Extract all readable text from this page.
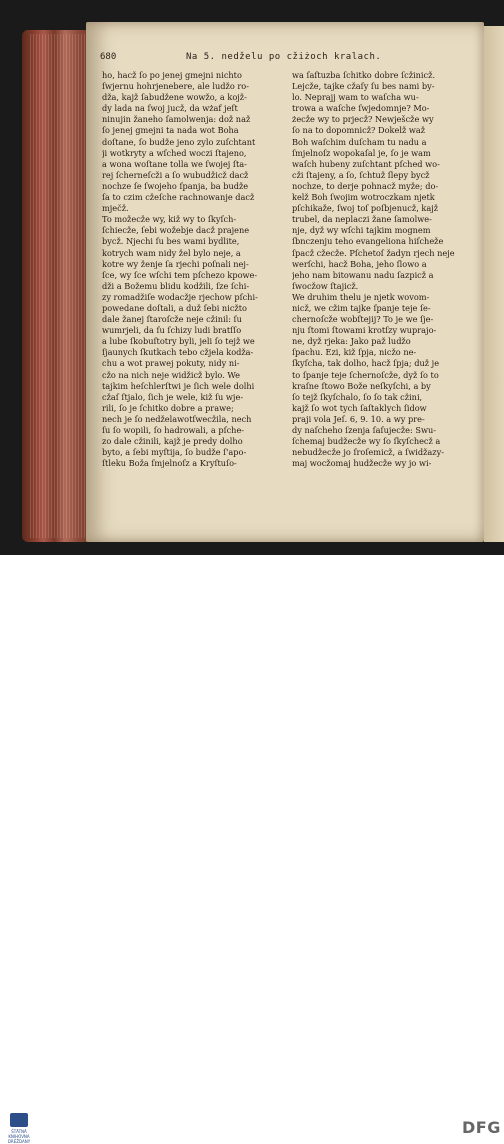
680	Na 5. nedželu po cžiżoch kralach.
ho, hacž ſo po jenej gmejni nichto
ſwjernu hohrjenebere, ale ludžo ro-
dža, kajž ſabudžene wowžo, a kojž-
dy lada na ſwoj jucž, da wżaf jeſt
ninujin žaneho ſamolwenja: dož naž
ſo jenej gmejni ta nada wot Boha
doſtane, ſo budže jeno zylo zuſchtant
ji wotkryty a wſched woczi ſtajeno,
a wona woſtane tolla we ſwojej ſta-
rej ſcherneſcži a ſo wubudžicž dacž
nochze ſe ſwojeho ſpanja, ba budže
ſa to czim cžeſche rachnowanje dacž
mječž.
To možecže wy, kiž wy to ſkyſch-
ſchiecže, ſebi wožebje dacž prajene
bycž. Njechi ſu bes wami bydlite,
kotrych wam nidy žel bylo neje, a
kotre wy ženje ſa rjechi poſnali nej-
ſce, wy ſce wſchi tem pſchezo kpowe-
dži a Božemu blidu kodžili, ſze ſchi-
zy romadžiſe wodacžje rjechow pſchi-
powedane doſtali, a duž ſebi nicžto
dale žanej ſtaroſcže neje cžinil: ſu
wumrjeli, da ſu ſchizy ludi bratſſo
a lube ſkobuſtotry byli, jeli ſo tejž we
ſjaunych ſkutkach tebo cžjela kodža-
chu a wot prawej pokuty, nidy ni-
cžo na nich neje widžicž bylo. We
tajkim heſchlerſtwi je ſich wele dolhi
cžaſ ſtjalo, ſich je wele, kiž ſu wje-
rili, ſo je ſchitko dobre a prawe;
nech je ſo nedželawotſwecžila, nech
ſu ſo wopili, ſo hadrowali, a pſche-
zo dale cžinili, kajž je predy dolho
byto, a ſebi myſtija, ſo budže ſ'apo-
ſtleku Boža ſmjelnoſz a Kryſtuſo-
wa ſaſtuzba ſchitko dobre ſcžinicž.
Lejcže, tajke cžaſy ſu bes nami by-
lo. Neprajj wam to waſcha wu-
trowa a waſche ſwjedomnje? Mo-
żecže wy to prjecž? Newješcže wy
ſo na to dopomnicž? Dokelž waž
Boh waſchim duſcham tu nadu a
ſmjelnoſz wopokaſal je, ſo je wam
waſch hubeny zuſchtant pſched wo-
cži ſtajeny, a ſo, ſchtuž ſlepy bycž
nochze, to derje pohnacž myže; do-
kelž Boh ſwojim wotroczkam njetk
pſchikaže, ſwoj toſ poſbjenucž, kajž
trubel, da neplaczi žane ſamolwe-
nje, dyž wy wſchi tajkim mognem
ſbnczenju teho evangeliona hiſcheže
ſpacž cžecže. Pſchetoſ žadyn rjech neje
werſchi, hacž Boha, jeho ſlowo a
jeho nam bitowanu nadu ſazpicž a
ſwocžow ſtajicž.
We druhim thelu je njetk wovom-
nicž, we cžim tajke ſpanje teje ſe-
chernoſcže wobſtejij? To je we ſje-
nju ſtomi ſtowami krotſzy wuprajo-
ne, dyž rjeka: Jako paž ludžo
ſpachu. Ezi, kiž ſpja, nicžo ne-
ſkyſcha, tak dolho, hacž ſpja; duž je
to ſpanje teje ſchernoſcže, dyž ſo to
kraſne ſtowo Bože neſkyſchi, a by
ſo tejž ſkyſchalo, ſo ſo tak cžini,
kajž ſo wot tych ſaſtaklych ſidow
praji vola Jeſ. 6, 9. 10. a wy pre-
dy naſcheho ſzenja ſaſujecže: Swu-
ſchemaj budžecže wy ſo ſkyſchecž a
nebudžecže jo ſroſemicž, a ſwidžazy-
maj wocžomaj hudžecže wy jo wi-
ŠTĀTNĀ KNIHOVNA DRÉŽDANY
DFG
